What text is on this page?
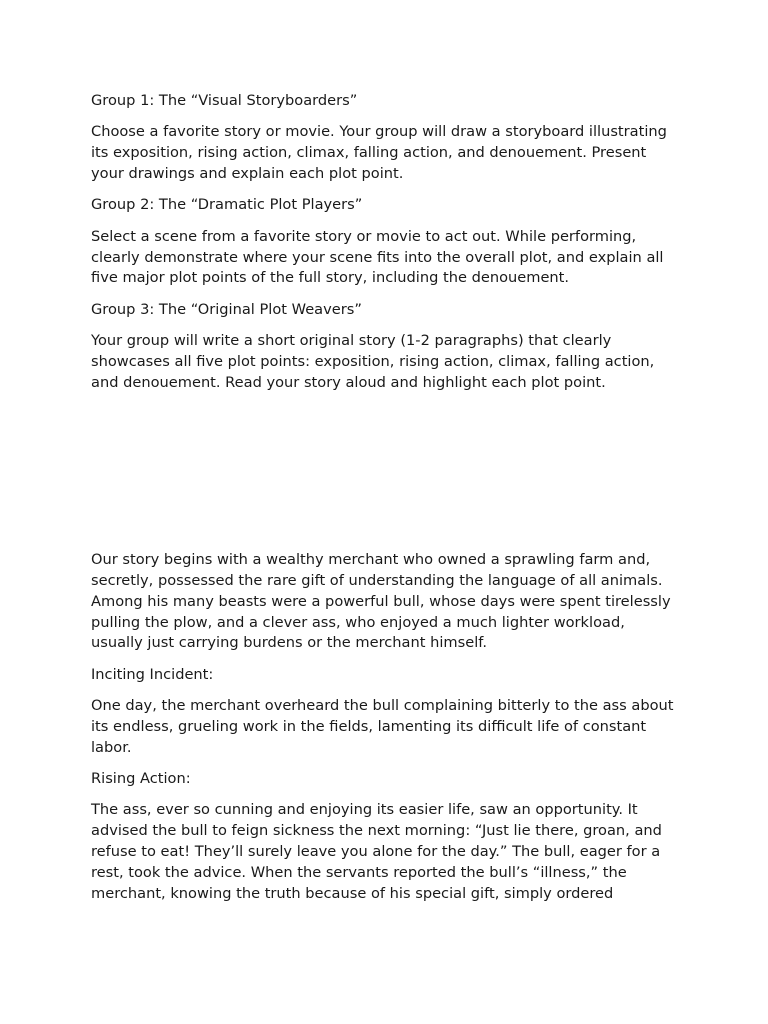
Group 1: The “Visual Storyboarders”

Choose a favorite story or movie. Your group will draw a storyboard illustrating its exposition, rising action, climax, falling action, and denouement. Present your drawings and explain each plot point.

Group 2: The “Dramatic Plot Players”

Select a scene from a favorite story or movie to act out. While performing, clearly demonstrate where your scene fits into the overall plot, and explain all five major plot points of the full story, including the denouement.

Group 3: The “Original Plot Weavers”

Your group will write a short original story (1-2 paragraphs) that clearly showcases all five plot points: exposition, rising action, climax, falling action, and denouement. Read your story aloud and highlight each plot point.

Our story begins with a wealthy merchant who owned a sprawling farm and, secretly, possessed the rare gift of understanding the language of all animals. Among his many beasts were a powerful bull, whose days were spent tirelessly pulling the plow, and a clever ass, who enjoyed a much lighter workload, usually just carrying burdens or the merchant himself.

Inciting Incident:

One day, the merchant overheard the bull complaining bitterly to the ass about its endless, grueling work in the fields, lamenting its difficult life of constant labor.

Rising Action:

The ass, ever so cunning and enjoying its easier life, saw an opportunity. It advised the bull to feign sickness the next morning: “Just lie there, groan, and refuse to eat! They’ll surely leave you alone for the day.” The bull, eager for a rest, took the advice. When the servants reported the bull’s “illness,” the merchant, knowing the truth because of his special gift, simply ordered
